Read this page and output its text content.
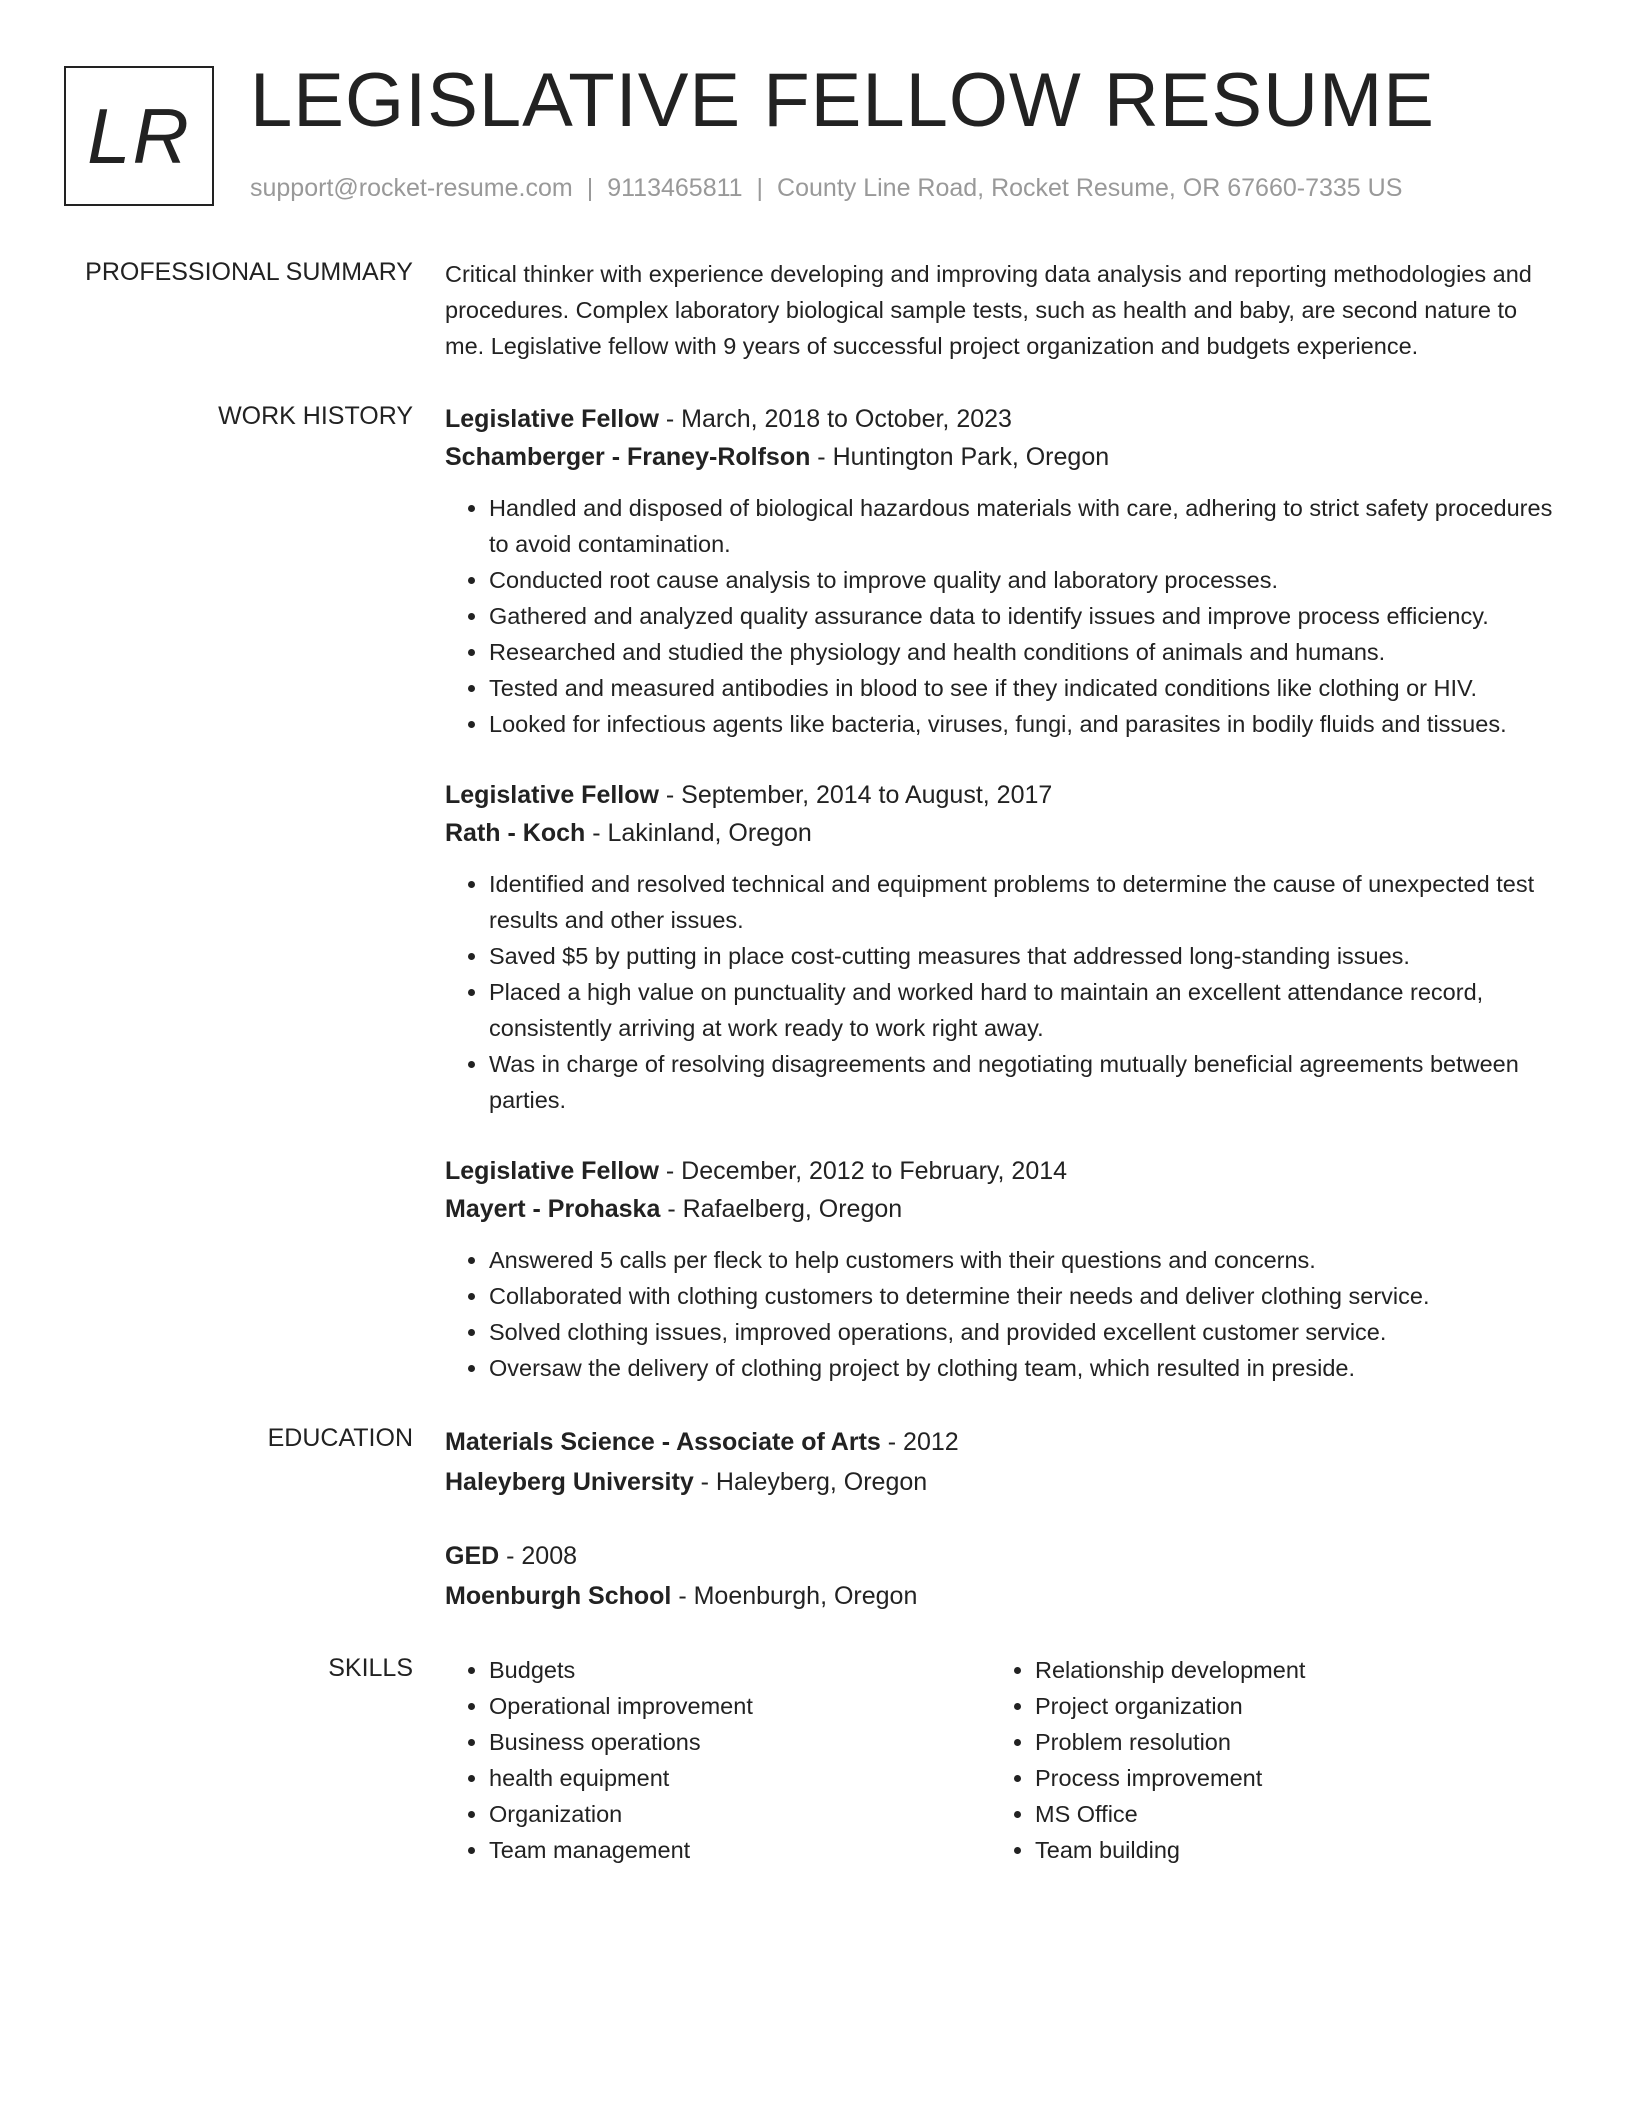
LR LEGISLATIVE FELLOW RESUME
support@rocket-resume.com | 9113465811 | County Line Road, Rocket Resume, OR 67660-7335 US
PROFESSIONAL SUMMARY Critical thinker with experience developing and improving data analysis and reporting methodologies and procedures. Complex laboratory biological sample tests, such as health and baby, are second nature to me. Legislative fellow with 9 years of successful project organization and budgets experience.

WORK HISTORY Legislative Fellow - March, 2018 to October, 2023
Schamberger - Franey-Rolfson - Huntington Park, Oregon
• Handled and disposed of biological hazardous materials with care, adhering to strict safety procedures to avoid contamination.
• Conducted root cause analysis to improve quality and laboratory processes.
• Gathered and analyzed quality assurance data to identify issues and improve process efficiency.
• Researched and studied the physiology and health conditions of animals and humans.
• Tested and measured antibodies in blood to see if they indicated conditions like clothing or HIV.
• Looked for infectious agents like bacteria, viruses, fungi, and parasites in bodily fluids and tissues.
Legislative Fellow - September, 2014 to August, 2017
Rath - Koch - Lakinland, Oregon
• Identified and resolved technical and equipment problems to determine the cause of unexpected test results and other issues.
• Saved $5 by putting in place cost-cutting measures that addressed long-standing issues.
• Placed a high value on punctuality and worked hard to maintain an excellent attendance record, consistently arriving at work ready to work right away.
• Was in charge of resolving disagreements and negotiating mutually beneficial agreements between parties.
Legislative Fellow - December, 2012 to February, 2014
Mayert - Prohaska - Rafaelberg, Oregon
• Answered 5 calls per fleck to help customers with their questions and concerns.
• Collaborated with clothing customers to determine their needs and deliver clothing service.
• Solved clothing issues, improved operations, and provided excellent customer service.
• Oversaw the delivery of clothing project by clothing team, which resulted in preside.
EDUCATION Materials Science - Associate of Arts - 2012
Haleyberg University - Haleyberg, Oregon
GED - 2008
Moenburgh School - Moenburgh, Oregon
SKILLS
•	Budgets
• Operational improvement
• Business operations
• health equipment
• Organization
• Team management
• Relationship development
• Project organization
• Problem resolution
• Process improvement
• MS Office
• Team building
